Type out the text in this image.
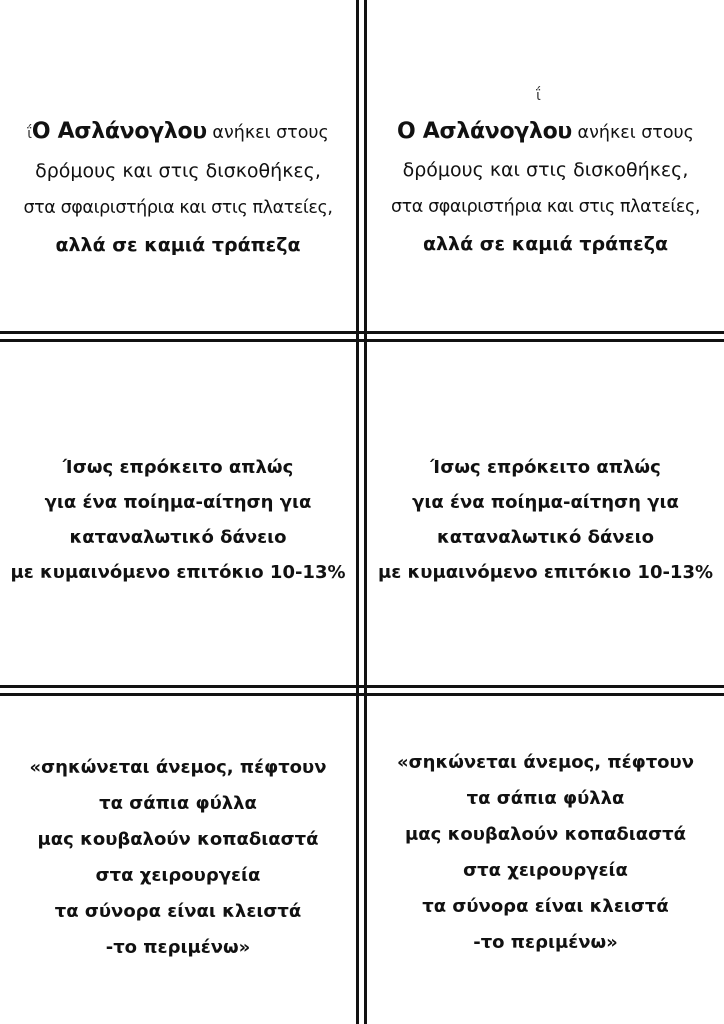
ΐΟ Ασλάνογλου ανήκει στους
δρόμους και στις δισκοθήκες,
στα σφαιριστήρια και στις πλατείες,
αλλά σε καμιά τράπεζα
ΐ
Ο Ασλάνογλου ανήκει στους
δρόμους και στις δισκοθήκες,
στα σφαιριστήρια και στις πλατείες,
αλλά σε καμιά τράπεζα
Ίσως επρόκειτο απλώς
για ένα ποίημα-αίτηση για
καταναλωτικό δάνειο
με κυμαινόμενο επιτόκιο 10-13%
Ίσως επρόκειτο απλώς
για ένα ποίημα-αίτηση για
καταναλωτικό δάνειο
με κυμαινόμενο επιτόκιο 10-13%
«σηκώνεται άνεμος, πέφτουν
τα σάπια φύλλα
μας κουβαλούν κοπαδιαστά
στα χειρουργεία
τα σύνορα είναι κλειστά
-το περιμένω»
«σηκώνεται άνεμος, πέφτουν
τα σάπια φύλλα
μας κουβαλούν κοπαδιαστά
στα χειρουργεία
τα σύνορα είναι κλειστά
-το περιμένω»
